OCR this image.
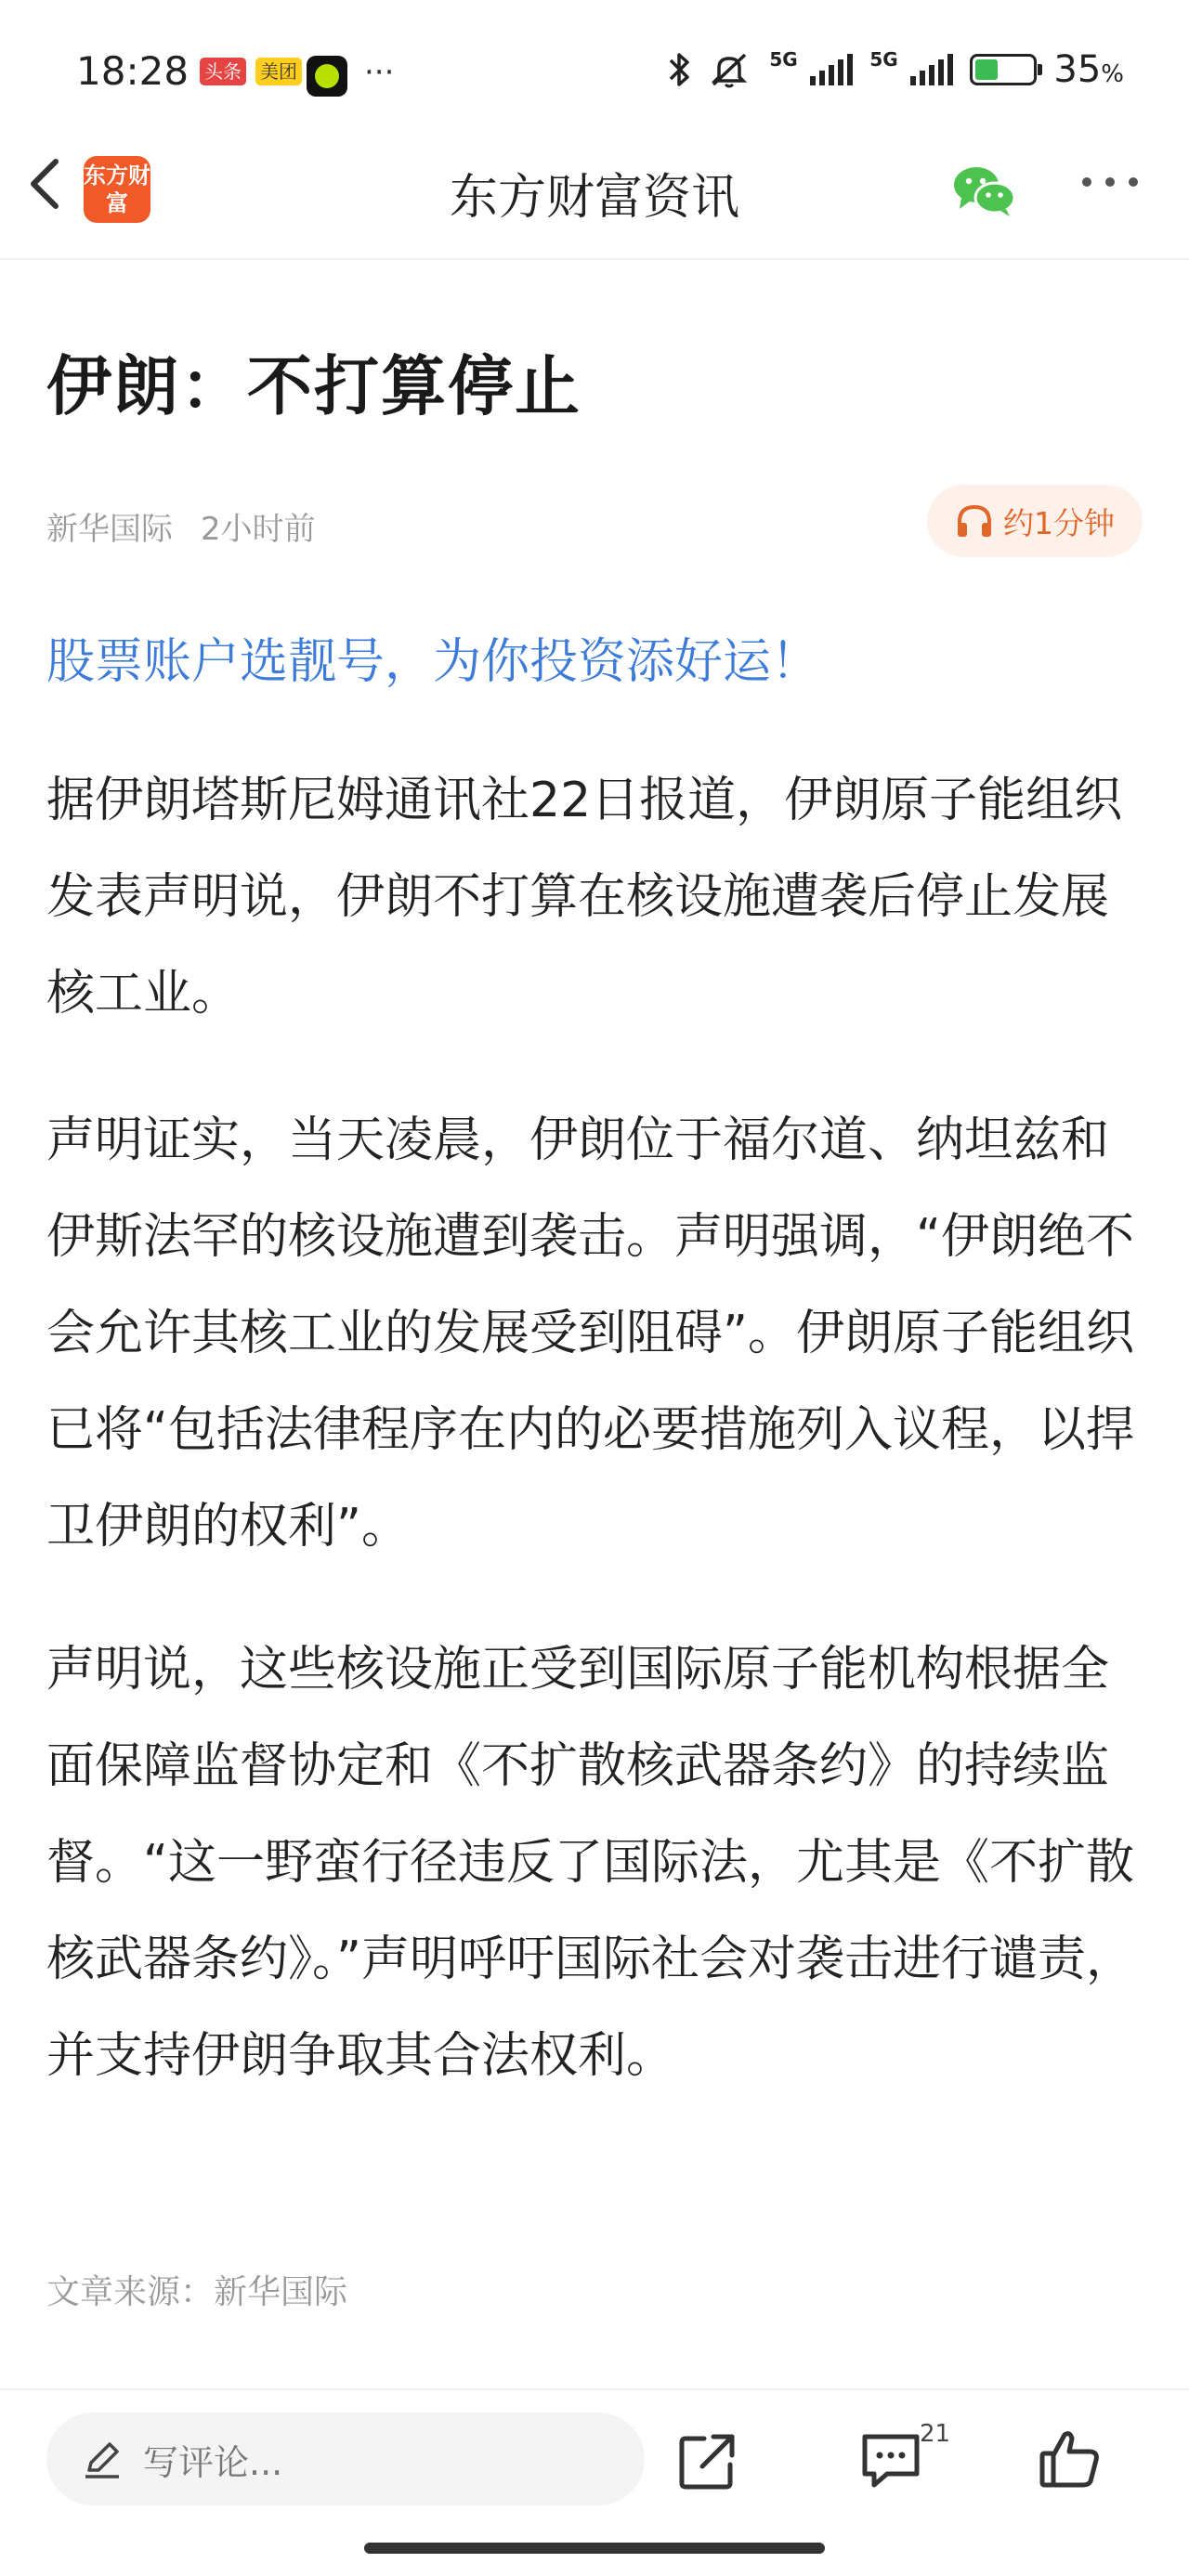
18:28 头条 美团 ···	5G	5G	35%
东方财富	东方财富资讯
伊朗：不打算停止
新华国际 2小时前	约1分钟
股票账户选靓号，为你投资添好运！

据伊朗塔斯尼姆通讯社22日报道，伊朗原子能组织发表声明说，伊朗不打算在核设施遭袭后停止发展核工业。

声明证实，当天凌晨，伊朗位于福尔道、纳坦兹和伊斯法罕的核设施遭到袭击。声明强调，“伊朗绝不会允许其核工业的发展受到阻碍”。伊朗原子能组织已将“包括法律程序在内的必要措施列入议程，以捍卫伊朗的权利”。

声明说，这些核设施正受到国际原子能机构根据全面保障监督协定和《不扩散核武器条约》的持续监督。“这一野蛮行径违反了国际法，尤其是《不扩散核武器条约》。”声明呼吁国际社会对袭击进行谴责，并支持伊朗争取其合法权利。

文章来源：新华国际
写评论...
21
